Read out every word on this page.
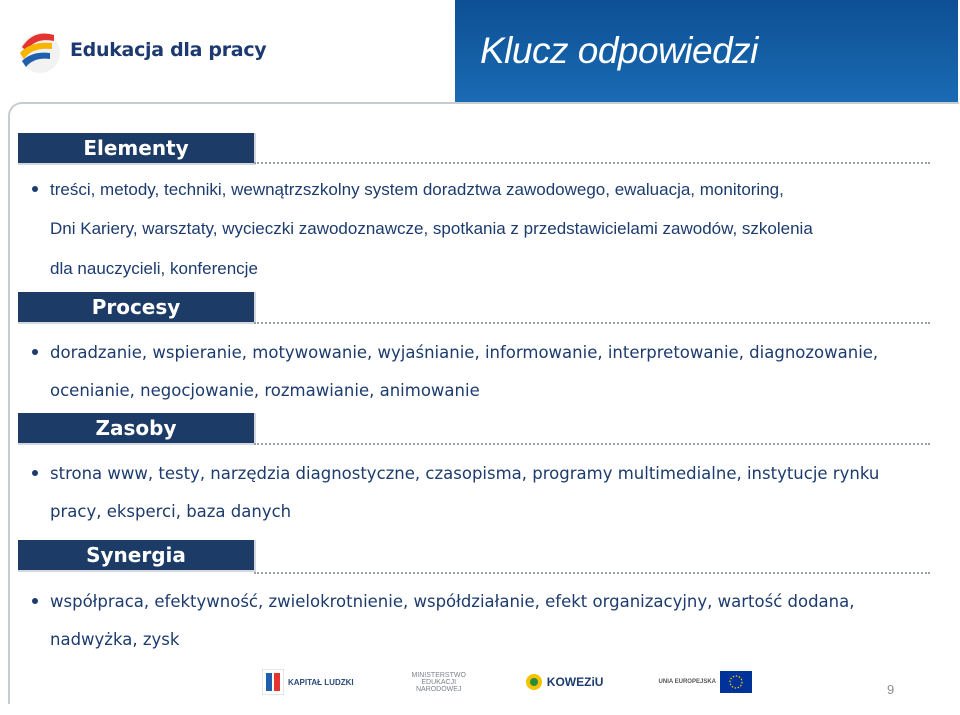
Edukacja dla pracy	Klucz odpowiedzi
Elementy
treści, metody, techniki, wewnątrzszkolny system doradztwa zawodowego, ewaluacja, monitoring,
Dni Kariery, warsztaty, wycieczki zawodoznawcze, spotkania z przedstawicielami zawodów, szkolenia
dla nauczycieli, konferencje
Procesy
doradzanie, wspieranie, motywowanie, wyjaśnianie, informowanie, interpretowanie, diagnozowanie,
ocenianie, negocjowanie, rozmawianie, animowanie
Zasoby
strona www, testy, narzędzia diagnostyczne, czasopisma, programy multimedialne, instytucje rynku
pracy, eksperci, baza danych
Synergia
współpraca, efektywność, zwielokrotnienie, współdziałanie, efekt organizacyjny, wartość dodana,
nadwyżka, zysk
KAPITAŁ LUDZKI
MINISTERSTWO EDUKACJI NARODOWEJ	KOWEZiU	UNIA EUROPEJSKA	9
